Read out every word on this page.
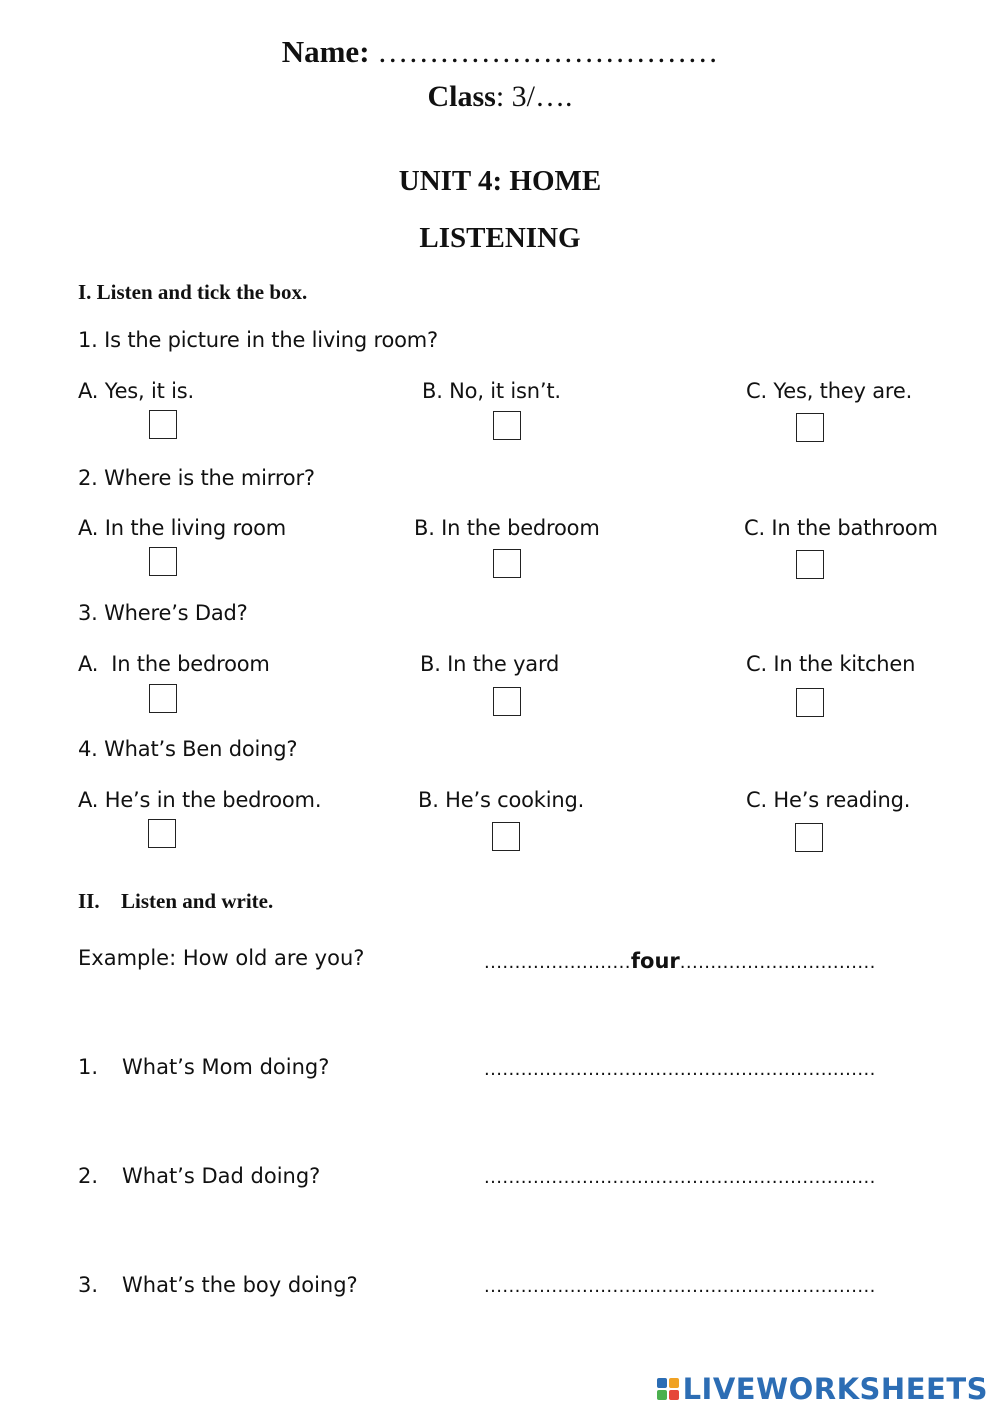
Name: ……………………………
Class: 3/….
UNIT 4: HOME
LISTENING
I. Listen and tick the box.
1. Is the picture in the living room?
A. Yes, it is.	B. No, it isn’t.	C. Yes, they are.
2. Where is the mirror?
A. In the living room	B. In the bedroom	C. In the bathroom
3. Where’s Dad?
A.  In the bedroom	B. In the yard	C. In the kitchen
4. What’s Ben doing?
A. He’s in the bedroom.	B. He’s cooking.	C. He’s reading.
II. Listen and write.
Example: How old are you?	........................four................................
1. What’s Mom doing?	................................................................
2. What’s Dad doing?	................................................................
3. What’s the boy doing?	................................................................
LIVEWORKSHEETS
